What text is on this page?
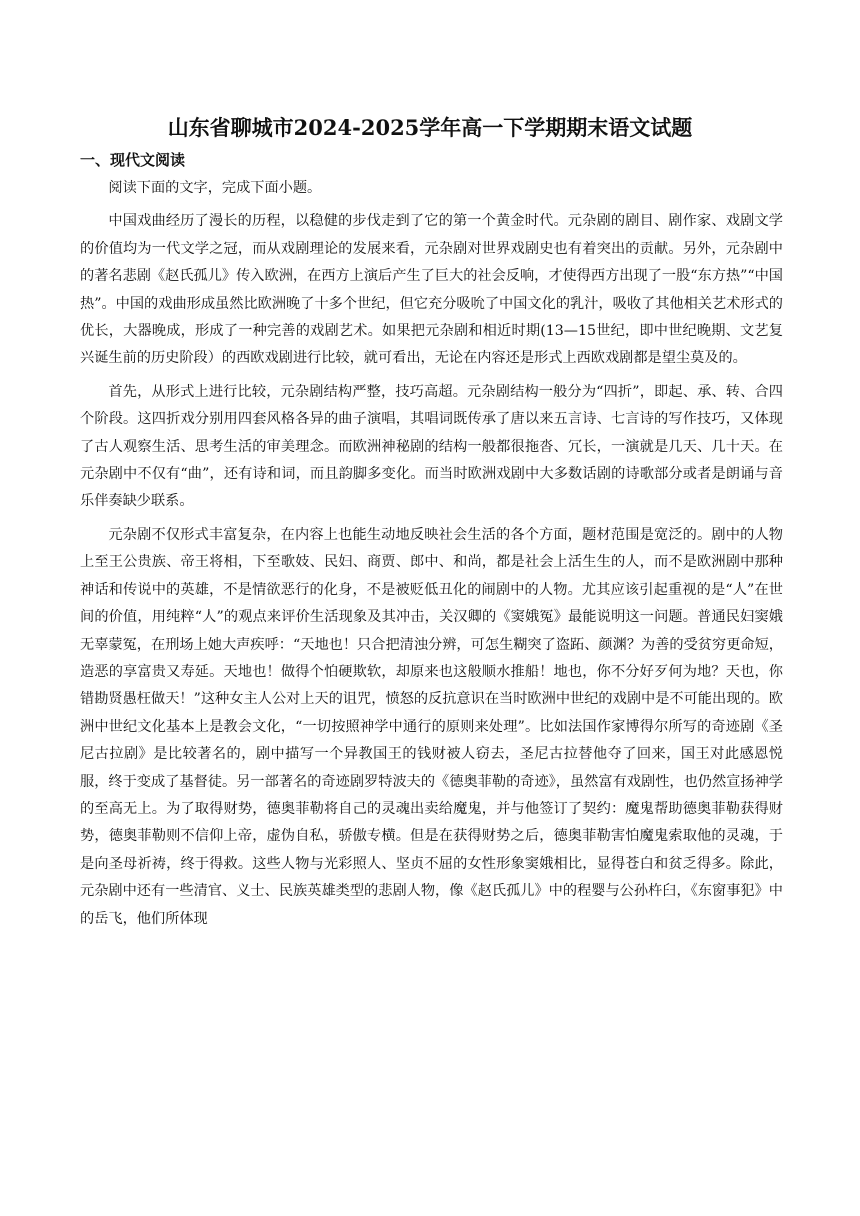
山东省聊城市2024-2025学年高一下学期期末语文试题
一、现代文阅读

阅读下面的文字，完成下面小题。

中国戏曲经历了漫长的历程，以稳健的步伐走到了它的第一个黄金时代。元杂剧的剧目、剧作家、戏剧文学的价值均为一代文学之冠，而从戏剧理论的发展来看，元杂剧对世界戏剧史也有着突出的贡献。另外，元杂剧中的著名悲剧《赵氏孤儿》传入欧洲，在西方上演后产生了巨大的社会反响，才使得西方出现了一股“东方热”“中国热”。中国的戏曲形成虽然比欧洲晚了十多个世纪，但它充分吸吮了中国文化的乳汁，吸收了其他相关艺术形式的优长，大器晚成，形成了一种完善的戏剧艺术。如果把元杂剧和相近时期(13—15世纪，即中世纪晚期、文艺复兴诞生前的历史阶段）的西欧戏剧进行比较，就可看出，无论在内容还是形式上西欧戏剧都是望尘莫及的。

首先，从形式上进行比较，元杂剧结构严整，技巧高超。元杂剧结构一般分为“四折”，即起、承、转、合四个阶段。这四折戏分别用四套风格各异的曲子演唱，其唱词既传承了唐以来五言诗、七言诗的写作技巧，又体现了古人观察生活、思考生活的审美理念。而欧洲神秘剧的结构一般都很拖沓、冗长，一演就是几天、几十天。在元杂剧中不仅有“曲”，还有诗和词，而且韵脚多变化。而当时欧洲戏剧中大多数话剧的诗歌部分或者是朗诵与音乐伴奏缺少联系。

元杂剧不仅形式丰富复杂，在内容上也能生动地反映社会生活的各个方面，题材范围是宽泛的。剧中的人物上至王公贵族、帝王将相，下至歌妓、民妇、商贾、郎中、和尚，都是社会上活生生的人，而不是欧洲剧中那种神话和传说中的英雄，不是情欲恶行的化身，不是被贬低丑化的闹剧中的人物。尤其应该引起重视的是“人”在世间的价值，用纯粹“人”的观点来评价生活现象及其冲击，关汉卿的《窦娥冤》最能说明这一问题。普通民妇窦娥无辜蒙冤，在刑场上她大声疾呼：“天地也！只合把清浊分辨，可怎生糊突了盗跖、颜渊？为善的受贫穷更命短，造恶的享富贵又寿延。天地也！做得个怕硬欺软，却原来也这般顺水推船！地也，你不分好歹何为地？天也，你错勘贤愚枉做天！”这种女主人公对上天的诅咒，愤怒的反抗意识在当时欧洲中世纪的戏剧中是不可能出现的。欧洲中世纪文化基本上是教会文化，“一切按照神学中通行的原则来处理”。比如法国作家博得尔所写的奇迹剧《圣尼古拉剧》是比较著名的，剧中描写一个异教国王的钱财被人窃去，圣尼古拉替他夺了回来，国王对此感恩悦服，终于变成了基督徒。另一部著名的奇迹剧罗特波夫的《德奥菲勒的奇迹》，虽然富有戏剧性，也仍然宣扬神学的至高无上。为了取得财势，德奥菲勒将自己的灵魂出卖给魔鬼，并与他签订了契约：魔鬼帮助德奥菲勒获得财势，德奥菲勒则不信仰上帝，虚伪自私，骄傲专横。但是在获得财势之后，德奥菲勒害怕魔鬼索取他的灵魂，于是向圣母祈祷，终于得救。这些人物与光彩照人、坚贞不屈的女性形象窦娥相比，显得苍白和贫乏得多。除此，元杂剧中还有一些清官、义士、民族英雄类型的悲剧人物，像《赵氏孤儿》中的程婴与公孙杵臼，《东窗事犯》中的岳飞，他们所体现
